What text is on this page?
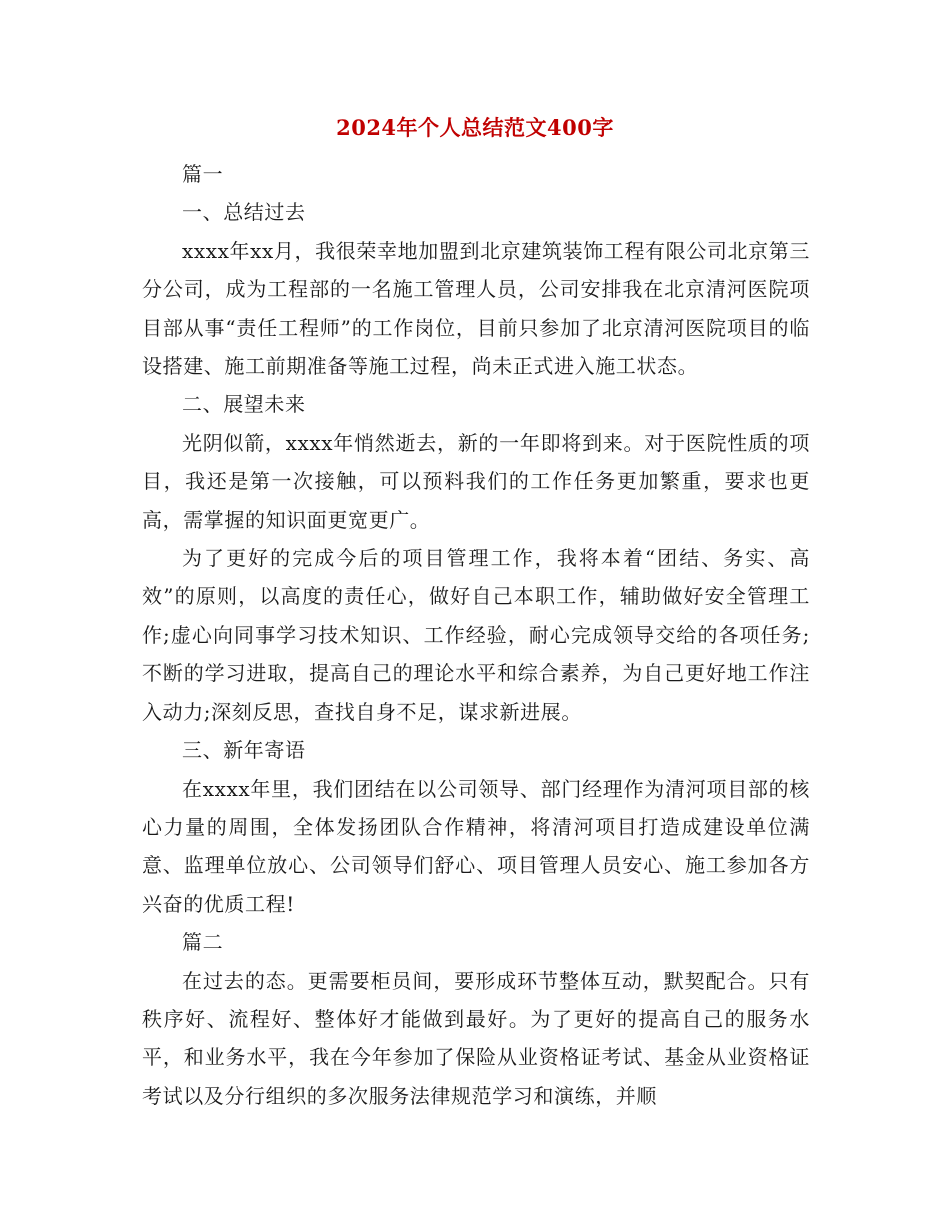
2024年个人总结范文400字

篇一

一、总结过去

xxxx年xx月，我很荣幸地加盟到北京建筑装饰工程有限公司北京第三分公司，成为工程部的一名施工管理人员，公司安排我在北京清河医院项目部从事“责任工程师”的工作岗位，目前只参加了北京清河医院项目的临设搭建、施工前期准备等施工过程，尚未正式进入施工状态。

二、展望未来

光阴似箭，xxxx年悄然逝去，新的一年即将到来。对于医院性质的项目，我还是第一次接触，可以预料我们的工作任务更加繁重，要求也更高，需掌握的知识面更宽更广。

为了更好的完成今后的项目管理工作，我将本着“团结、务实、高效”的原则，以高度的责任心，做好自己本职工作，辅助做好安全管理工作;虚心向同事学习技术知识、工作经验，耐心完成领导交给的各项任务;不断的学习进取，提高自己的理论水平和综合素养，为自己更好地工作注入动力;深刻反思，查找自身不足，谋求新进展。

三、新年寄语

在xxxx年里，我们团结在以公司领导、部门经理作为清河项目部的核心力量的周围，全体发扬团队合作精神，将清河项目打造成建设单位满意、监理单位放心、公司领导们舒心、项目管理人员安心、施工参加各方兴奋的优质工程!

篇二

在过去的态。更需要柜员间，要形成环节整体互动，默契配合。只有秩序好、流程好、整体好才能做到最好。为了更好的提高自己的服务水平，和业务水平，我在今年参加了保险从业资格证考试、基金从业资格证考试以及分行组织的多次服务法律规范学习和演练，并顺
